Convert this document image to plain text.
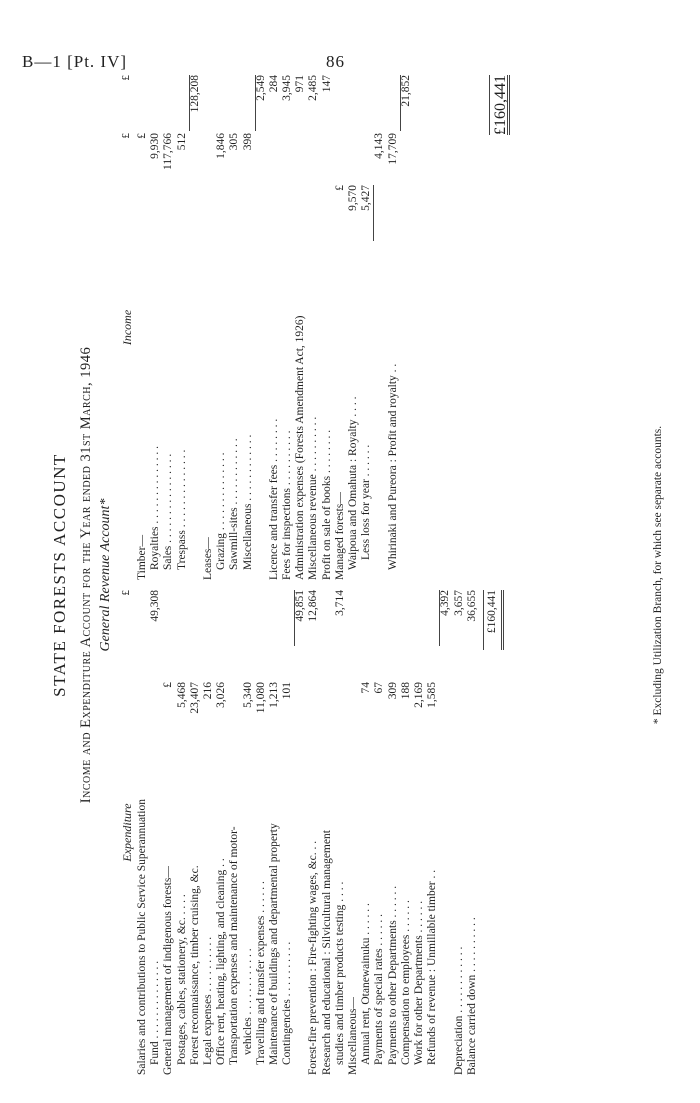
B—1 [Pt. IV]	86
STATE FORESTS ACCOUNT Income and Expenditure Account for the Year ended 31st March, 1946 General Revenue Account*
Expenditure
£
Salaries and contributions to Public Service Superannuation Fund . . . . . . . . . . . . . .
49,308
General management of indigenous forests—
£
Postages, cables, stationery, &c. . . . .
5,468
Forest reconnaissance, timber cruising, &c.
23,407
Legal expenses . . . . . . . . . .
216
Office rent, heating, lighting, and cleaning . .
3,026
Transportation expenses and maintenance of motor- vehicles . . . . . . . . . . . .
5,340
Travelling and transfer expenses . . . . . .
11,080
Maintenance of buildings and departmental property
1,213
Contingencies . . . . . . . . . .
101
49,851
Forest-fire prevention : Fire-fighting wages, &c. . .
12,864
Research and educational : Silvicultural management studies and timber products testing . . . .
3,714
Miscellaneous— Annual rent, Otanewainuku . . . . . .
74
Payments of special rates . . . . . .
67
Payments to other Departments . . . . . .
309
Compensation to employees . . . . . .
188
Work for other Departments . . . . . .
2,169
Refunds of revenue : Unmillable timber . .
1,585
4,392
Depreciation . . . . . . . . . . . .
3,657
Balance carried down . . . . . . . . . .
36,655 £160,441
Income
£
£
Timber—
£
Royalties . . . . . . . . . . . . . .
9,930
Sales . . . . . . . . . . . . . . . .
117,766
Trespass . . . . . . . . . . . . . .
512
128,208
Leases— Grazing . . . . . . . . . . . . . .
1,846
Sawmill-sites . . . . . . . . . . . .
305
Miscellaneous . . . . . . . . . . . .
398
2,549
Licence and transfer fees . . . . . . . .
284
Fees for inspections . . . . . . . . . .
3,945
Administration expenses (Forests Amendment Act, 1926)
971
Miscellaneous revenue . . . . . . . . . .
2,485
Profit on sale of books . . . . . . . .
147
Managed forests—
£
Waipoua and Omahuta : Royalty . . . .
9,570
Less loss for year . . . . . .
5,427
4,143
Whirinaki and Pureora : Profit and royalty . .
17,709
21,852	£160,441
* Excluding Utilization Branch, for which see separate accounts.
